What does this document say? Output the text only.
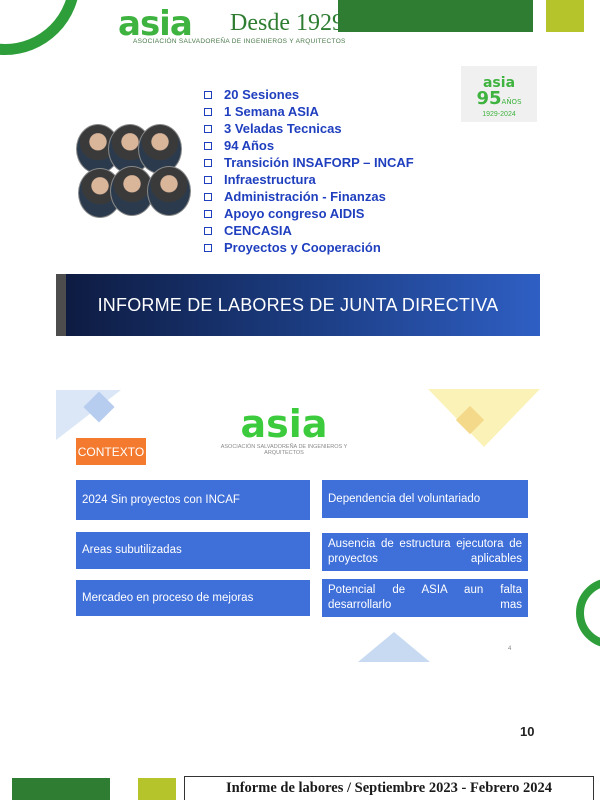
asia Desde 1929
ASOCIACIÓN SALVADOREÑA DE INGENIEROS Y ARQUITECTOS
20 Sesiones
1 Semana ASIA
3 Veladas Tecnicas
94 Años
Transición INSAFORP – INCAF
Infraestructura
Administración - Finanzas
Apoyo congreso AIDIS
CENCASIA
Proyectos y Cooperación
asia
95AÑOS
1929-2024
INFORME DE LABORES DE JUNTA DIRECTIVA
asia
ASOCIACIÓN SALVADOREÑA DE INGENIEROS Y ARQUITECTOS
CONTEXTO
2024 Sin proyectos con INCAF
Areas subutilizadas
Mercadeo en proceso de mejoras
Dependencia del voluntariado
Ausencia de estructura ejecutora de proyectos aplicables
Potencial de ASIA aun falta desarrollarlo mas
4
10
Informe de labores / Septiembre 2023 - Febrero 2024
